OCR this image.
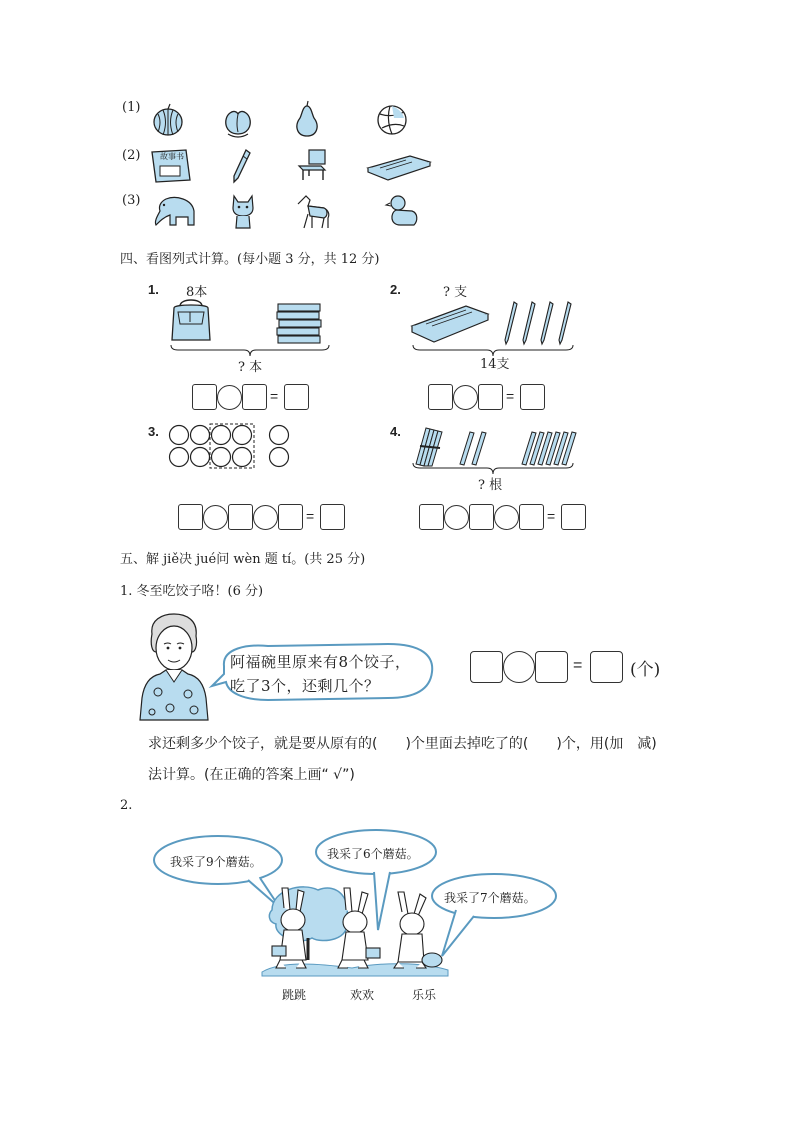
(1)
(2)
(3)
故事书
四、看图列式计算。(每小题 3 分，共 12 分)
1. 8本
? 本
=
2.	? 支
14支
=
3.
=
4.
? 根
=
五、解 jiě决 jué问 wèn 题 tí。(共 25 分)
1. 冬至吃饺子咯！(6 分)
阿福碗里原来有8个饺子，
吃了3个，还剩几个？
=	(个)
求还剩多少个饺子，就是要从原有的(　　)个里面去掉吃了的(　　)个，用(加　减)
法计算。(在正确的答案上画“ √”)
2.
我采了9个蘑菇。
我采了6个蘑菇。
我采了7个蘑菇。
跳跳	欢欢	乐乐
